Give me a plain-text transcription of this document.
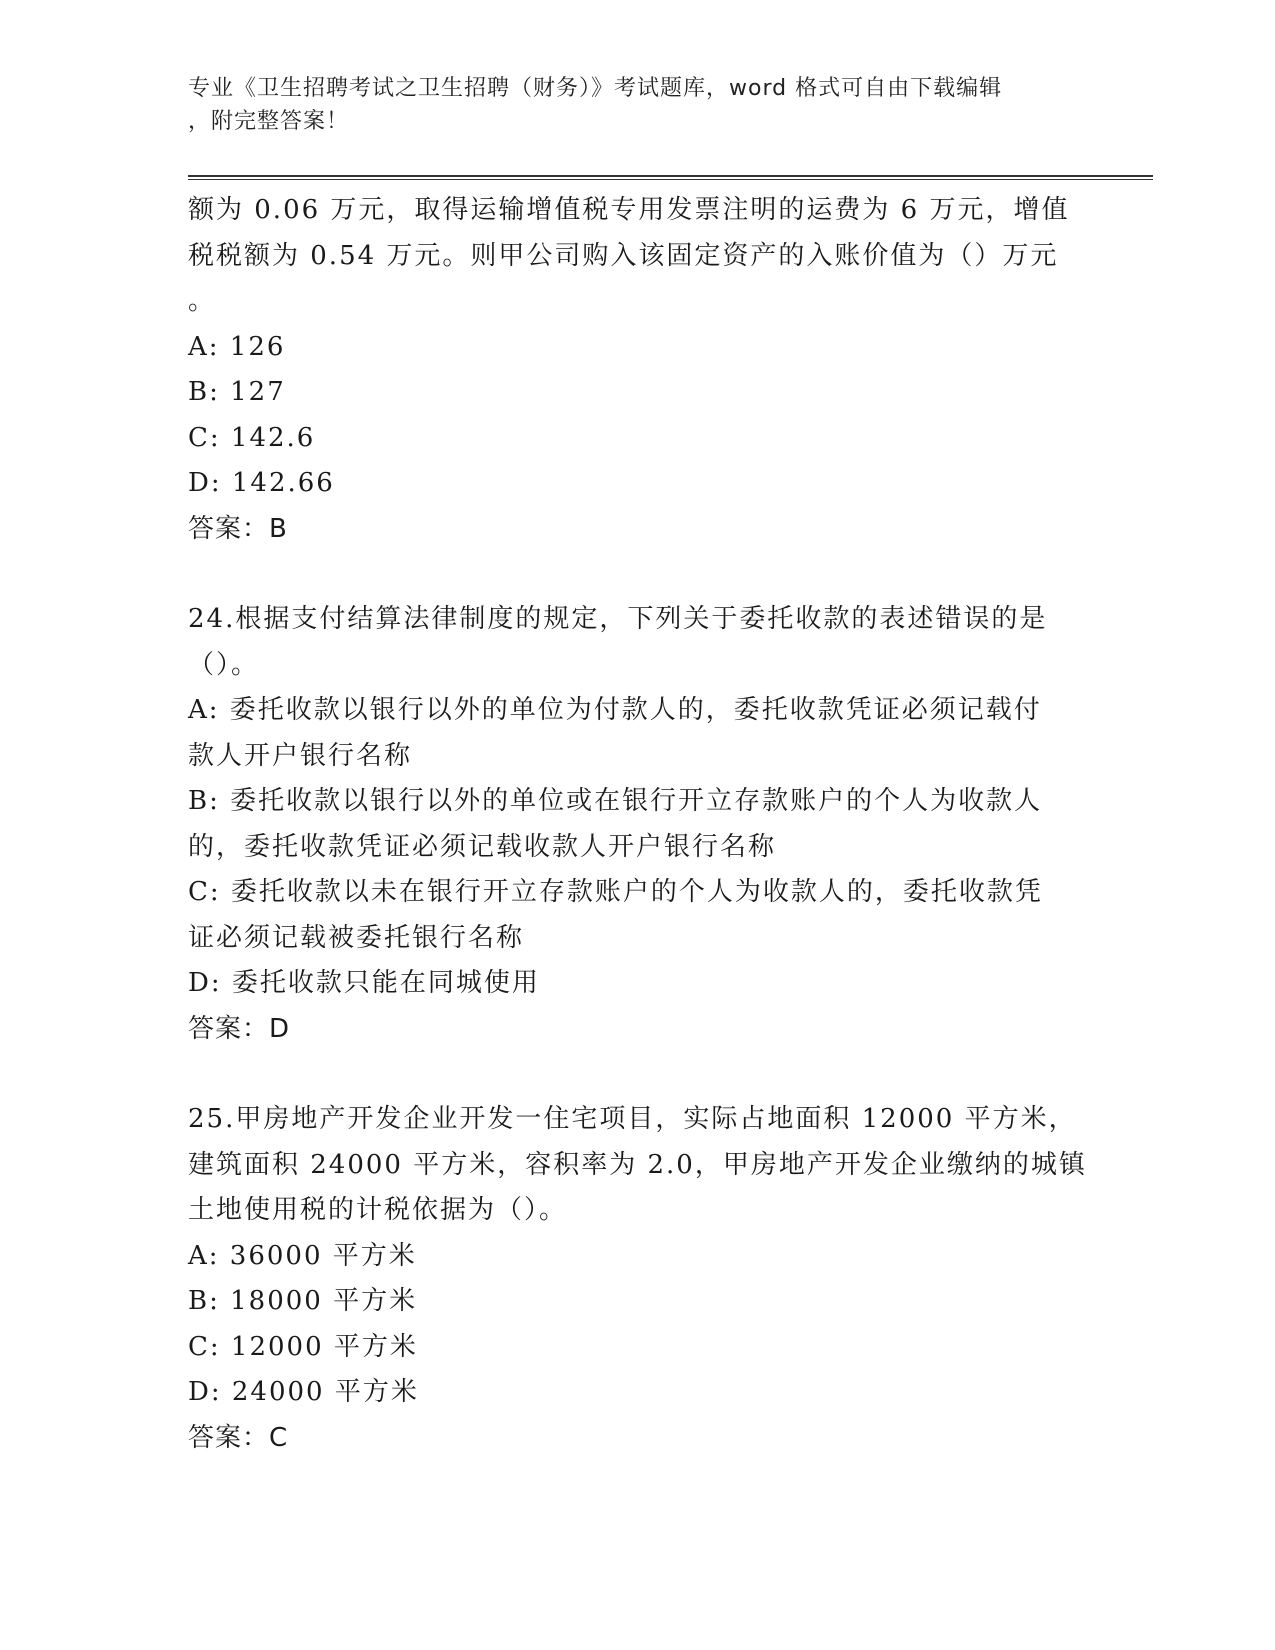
专业《卫生招聘考试之卫生招聘（财务）》考试题库，word 格式可自由下载编辑
，附完整答案！

额为 0.06 万元，取得运输增值税专用发票注明的运费为 6 万元，增值

税税额为 0.54 万元。则甲公司购入该固定资产的入账价值为（）万元

。

A: 126

B: 127

C: 142.6

D: 142.66

答案：B

24.根据支付结算法律制度的规定，下列关于委托收款的表述错误的是

（）。

A: 委托收款以银行以外的单位为付款人的，委托收款凭证必须记载付

款人开户银行名称

B: 委托收款以银行以外的单位或在银行开立存款账户的个人为收款人

的，委托收款凭证必须记载收款人开户银行名称

C: 委托收款以未在银行开立存款账户的个人为收款人的，委托收款凭

证必须记载被委托银行名称

D: 委托收款只能在同城使用

答案：D

25.甲房地产开发企业开发一住宅项目，实际占地面积 12000 平方米，

建筑面积 24000 平方米，容积率为 2.0，甲房地产开发企业缴纳的城镇

土地使用税的计税依据为（）。

A: 36000 平方米

B: 18000 平方米

C: 12000 平方米

D: 24000 平方米

答案：C
